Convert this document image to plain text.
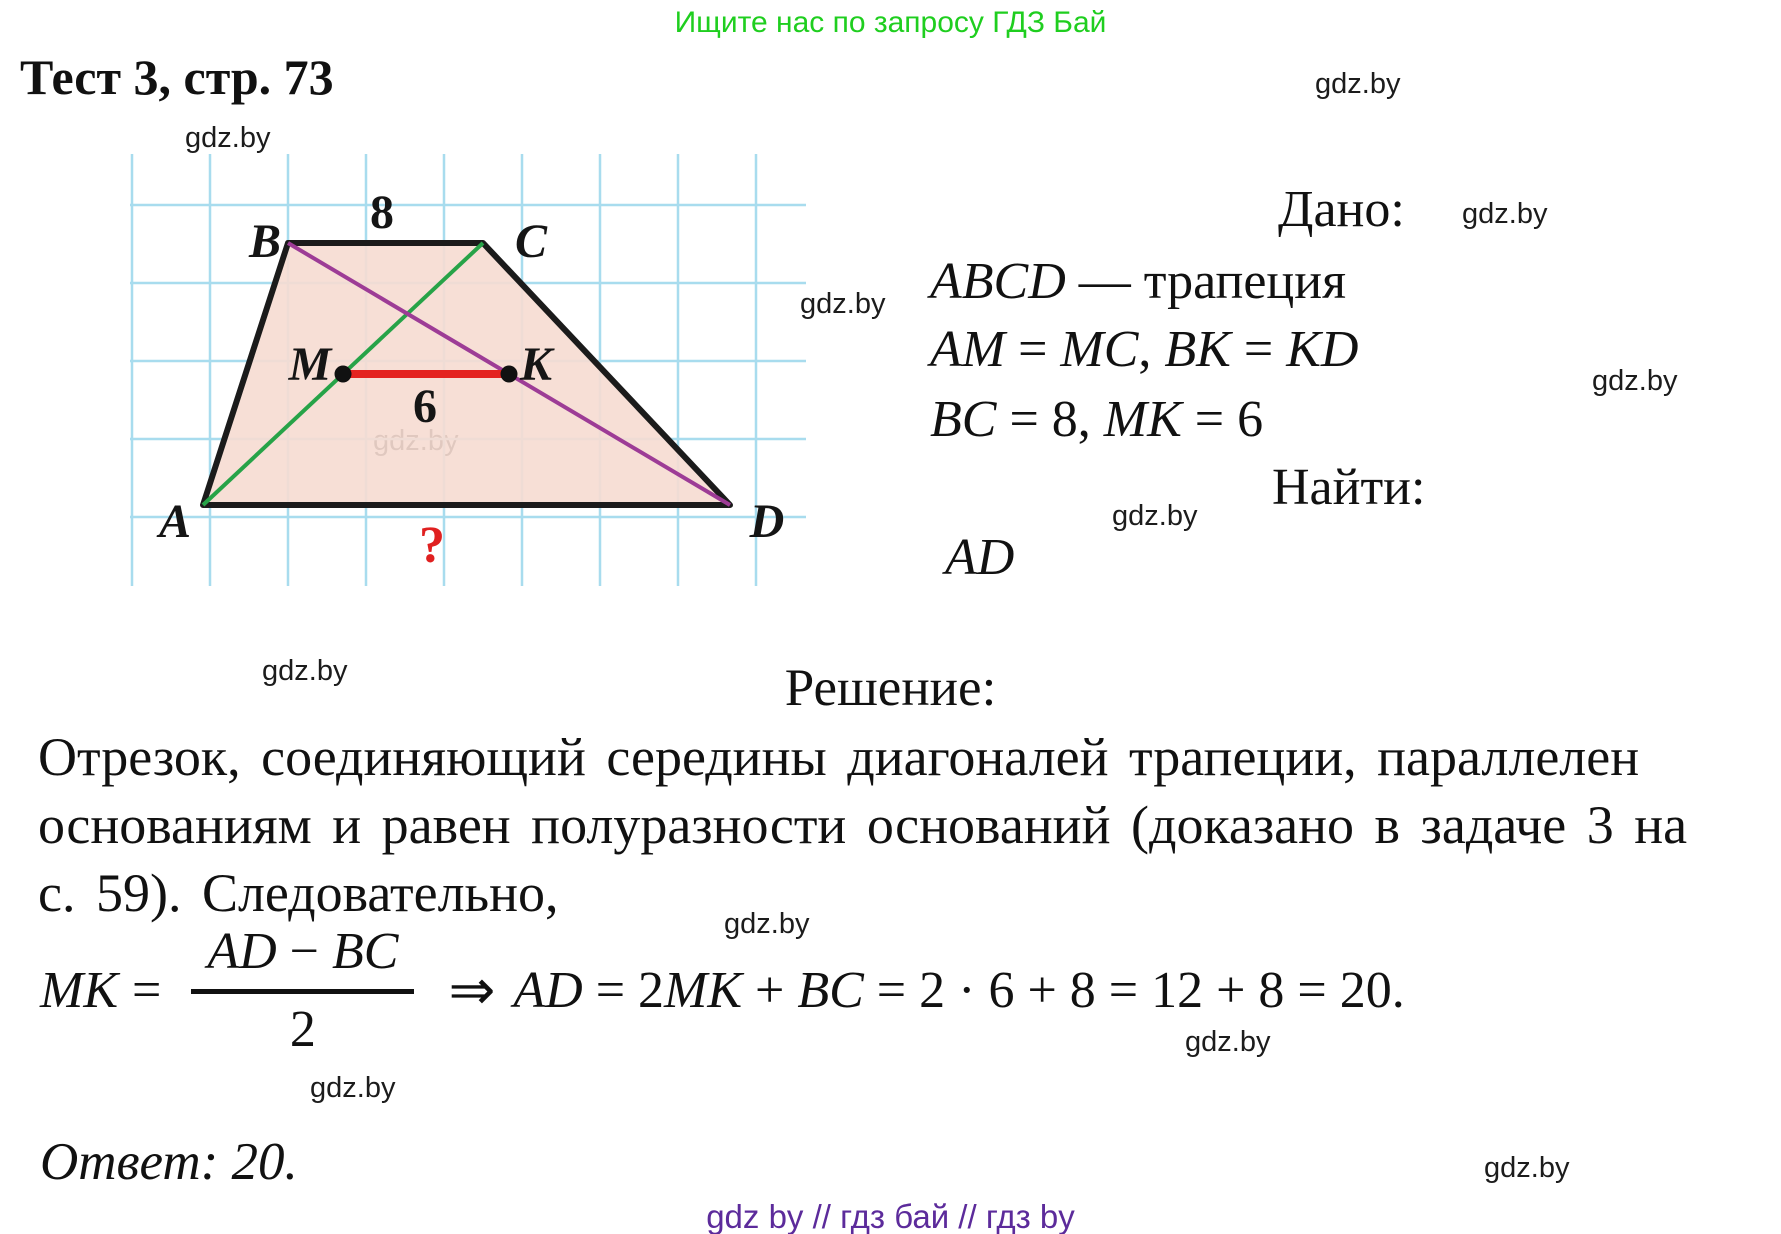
Ищите нас по запросу ГДЗ Бай
Тест 3, стр. 73
gdz.by
gdz.by
gdz.by
gdz.by
gdz.by
gdz.by
gdz.by
gdz.by
gdz.by
gdz.by
gdz.by
B	C
A	D
M	K
8
6
?
Дано:
ABCD — трапеция
AM = MC, BK = KD
BC = 8, MK = 6
Найти:
AD
Решение:
Отрезок, соединяющий середины диагоналей трапеции, параллелен
основаниям и равен полуразности оснований (доказано в задаче 3 на
с. 59). Следовательно,
MK = $\frac{AD - BC}{2}$ ⇒ AD = 2MK + BC = 2 · 6 + 8 = 12 + 8 = 20.
Ответ: 20.
gdz by // гдз бай // гдз by
